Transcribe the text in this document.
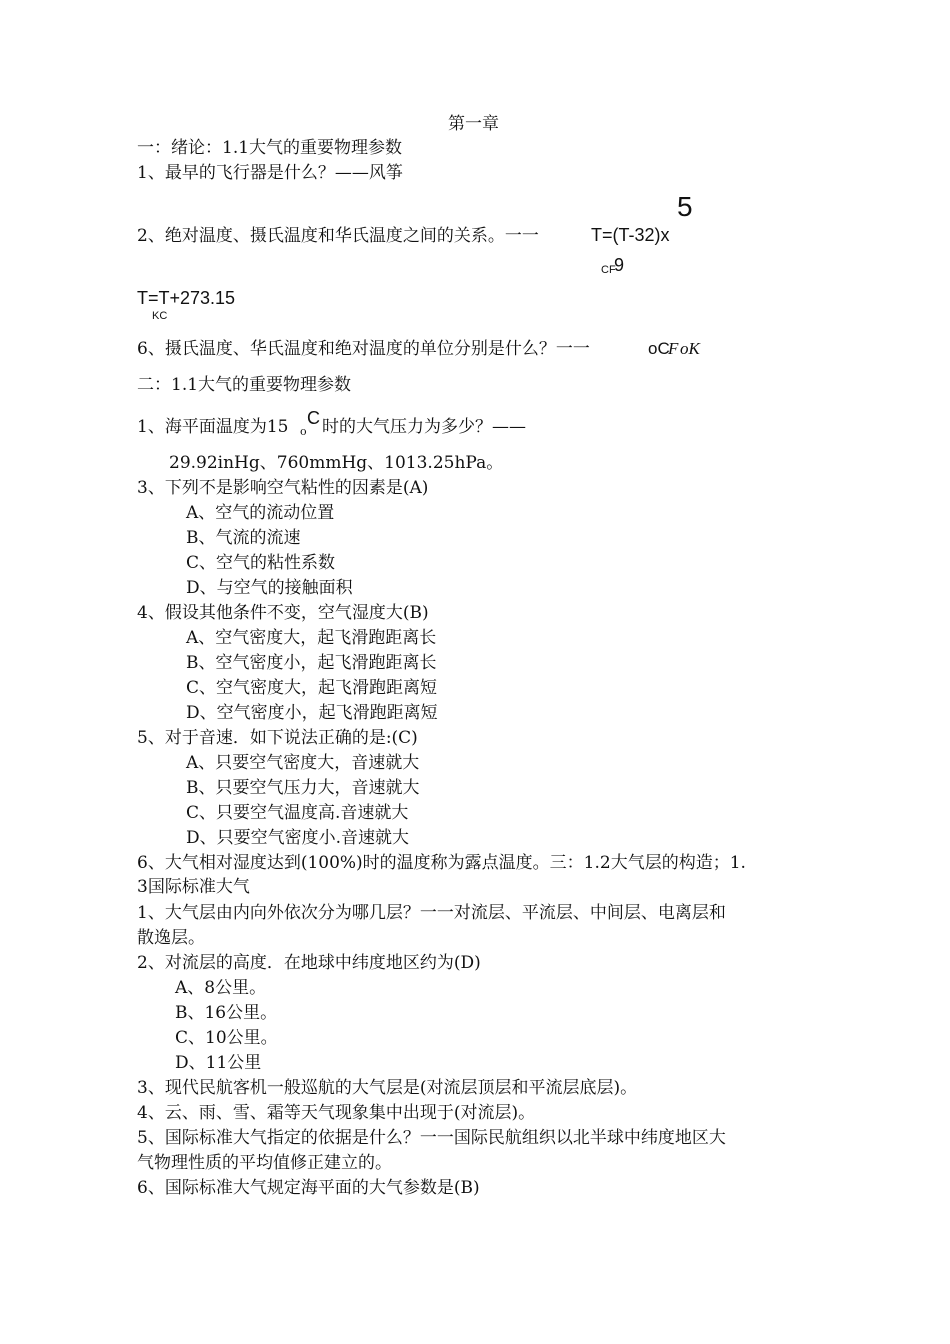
第一章
一：绪论：1.1大气的重要物理参数
1、最早的飞行器是什么？——风筝
5
2、绝对温度、摄氏温度和华氏温度之间的关系。一一	T=(T-32)x
CF
9
T=T+273.15
KC
6、摄氏温度、华氏温度和绝对温度的单位分别是什么？一一	oC
F oK
二：1.1大气的重要物理参数
1、海平面温度为15 o
C 时的大气压力为多少？——
29.92inHg、760mmHg、1013.25hPa。
3、下列不是影响空气粘性的因素是(A)
A、空气的流动位置
B、气流的流速
C、空气的粘性系数
D、与空气的接触面积
4、假设其他条件不变，空气湿度大(B)
A、空气密度大，起飞滑跑距离长
B、空气密度小，起飞滑跑距离长
C、空气密度大，起飞滑跑距离短
D、空气密度小，起飞滑跑距离短
5、对于音速．如下说法正确的是:(C)
A、只要空气密度大，音速就大
B、只要空气压力大，音速就大
C、只要空气温度高.音速就大
D、只要空气密度小.音速就大
6、大气相对湿度达到(100%)时的温度称为露点温度。三：1.2大气层的构造；1.
3国际标准大气
1、大气层由内向外依次分为哪几层？一一对流层、平流层、中间层、电离层和
散逸层。
2、对流层的高度．在地球中纬度地区约为(D)
A、8公里。
B、16公里。
C、10公里。
D、11公里
3、现代民航客机一般巡航的大气层是(对流层顶层和平流层底层)。
4、云、雨、雪、霜等天气现象集中出现于(对流层)。
5、国际标准大气指定的依据是什么？一一国际民航组织以北半球中纬度地区大
气物理性质的平均值修正建立的。
6、国际标准大气规定海平面的大气参数是(B)
